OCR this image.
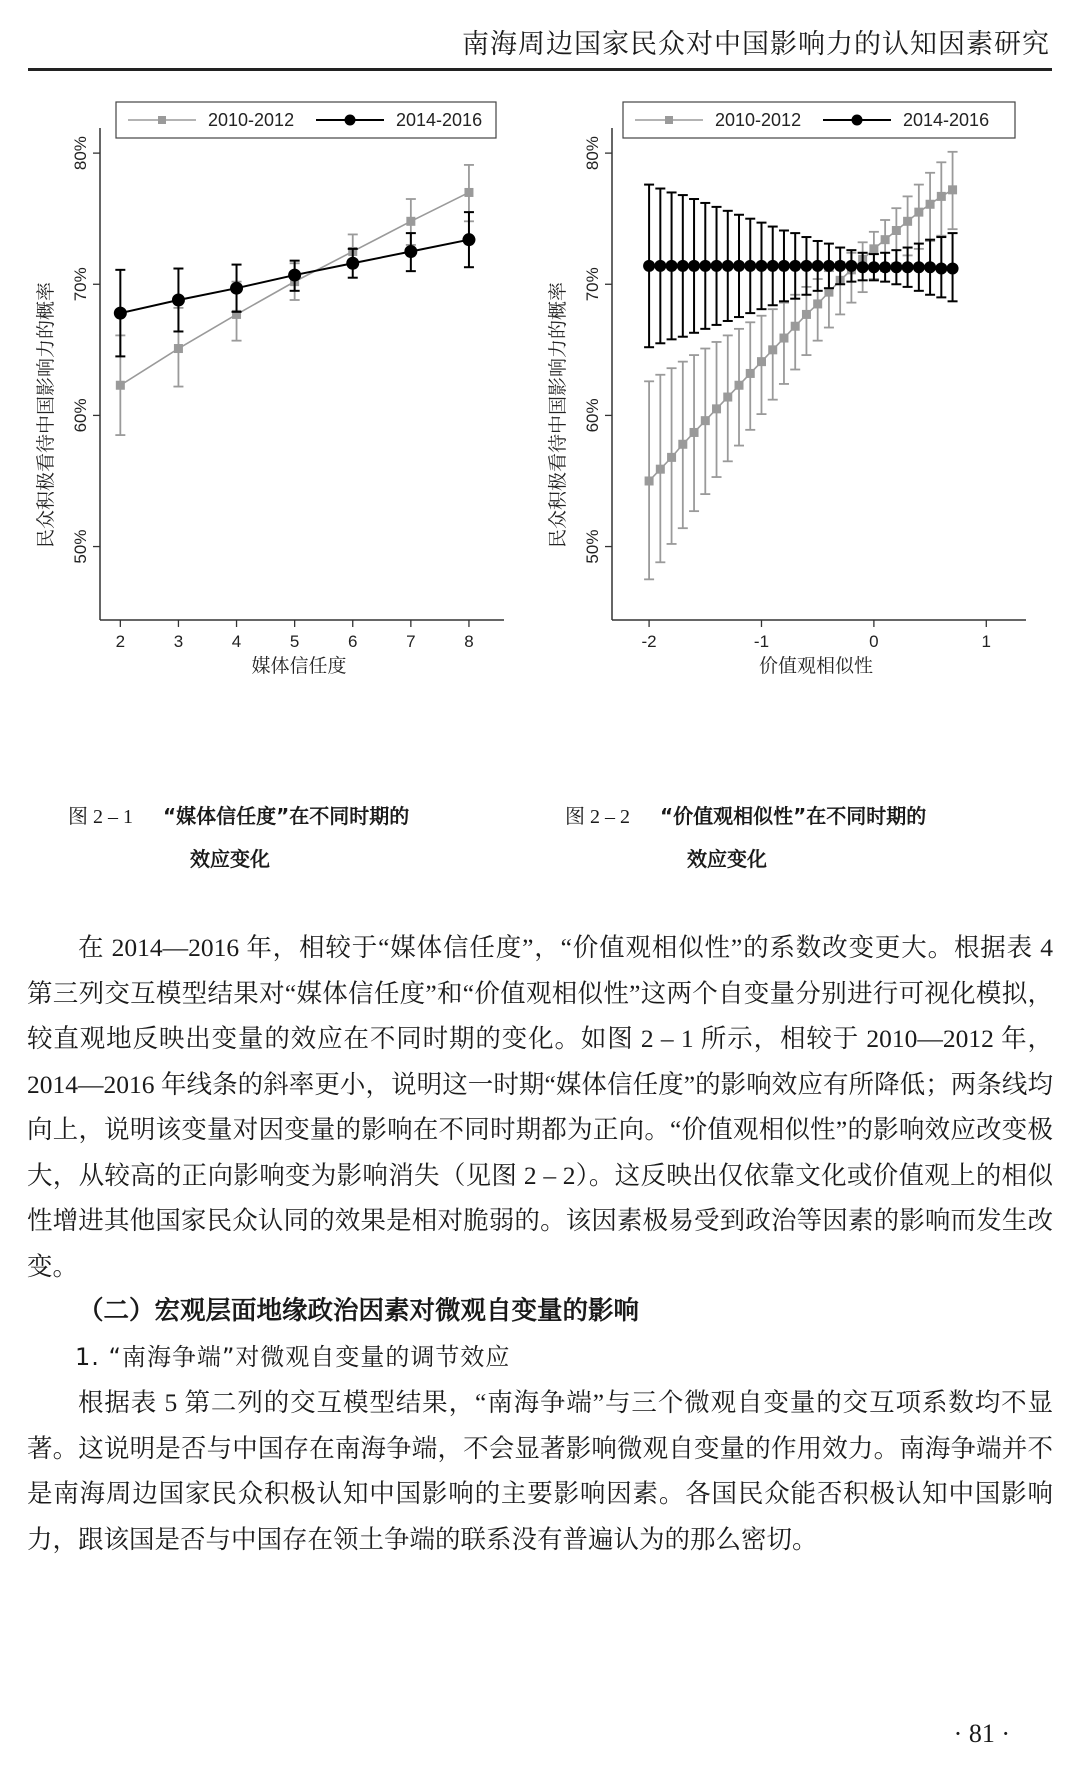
南海周边国家民众对中国影响力的认知因素研究
50%
60%
70%
80%
2	3	4	5	6	7	8
媒体信任度
民众积极看待中国影响力的概率
2010-2012	2014-2016
50%
60%
70%
80%
-2	-1	0	1
价值观相似性
民众积极看待中国影响力的概率
2010-2012	2014-2016
图 2 – 1 “媒体信任度”在不同时期的
效应变化
图 2 – 2 “价值观相似性”在不同时期的
效应变化

在 2014—2016 年，相较于“媒体信任度”，“价值观相似性”的系数改变更大。根据表 4 第三列交互模型结果对“媒体信任度”和“价值观相似性”这两个自变量分别进行可视化模拟，较直观地反映出变量的效应在不同时期的变化。如图 2 – 1 所示，相较于 2010—2012 年，2014—2016 年线条的斜率更小，说明这一时期“媒体信任度”的影响效应有所降低；两条线均向上，说明该变量对因变量的影响在不同时期都为正向。“价值观相似性”的影响效应改变极大，从较高的正向影响变为影响消失（见图 2 – 2）。这反映出仅依靠文化或价值观上的相似性增进其他国家民众认同的效果是相对脆弱的。该因素极易受到政治等因素的影响而发生改变。

（二）宏观层面地缘政治因素对微观自变量的影响
1. “南海争端”对微观自变量的调节效应

根据表 5 第二列的交互模型结果，“南海争端”与三个微观自变量的交互项系数均不显著。这说明是否与中国存在南海争端，不会显著影响微观自变量的作用效力。南海争端并不是南海周边国家民众积极认知中国影响的主要影响因素。各国民众能否积极认知中国影响力，跟该国是否与中国存在领土争端的联系没有普遍认为的那么密切。

· 81 ·
